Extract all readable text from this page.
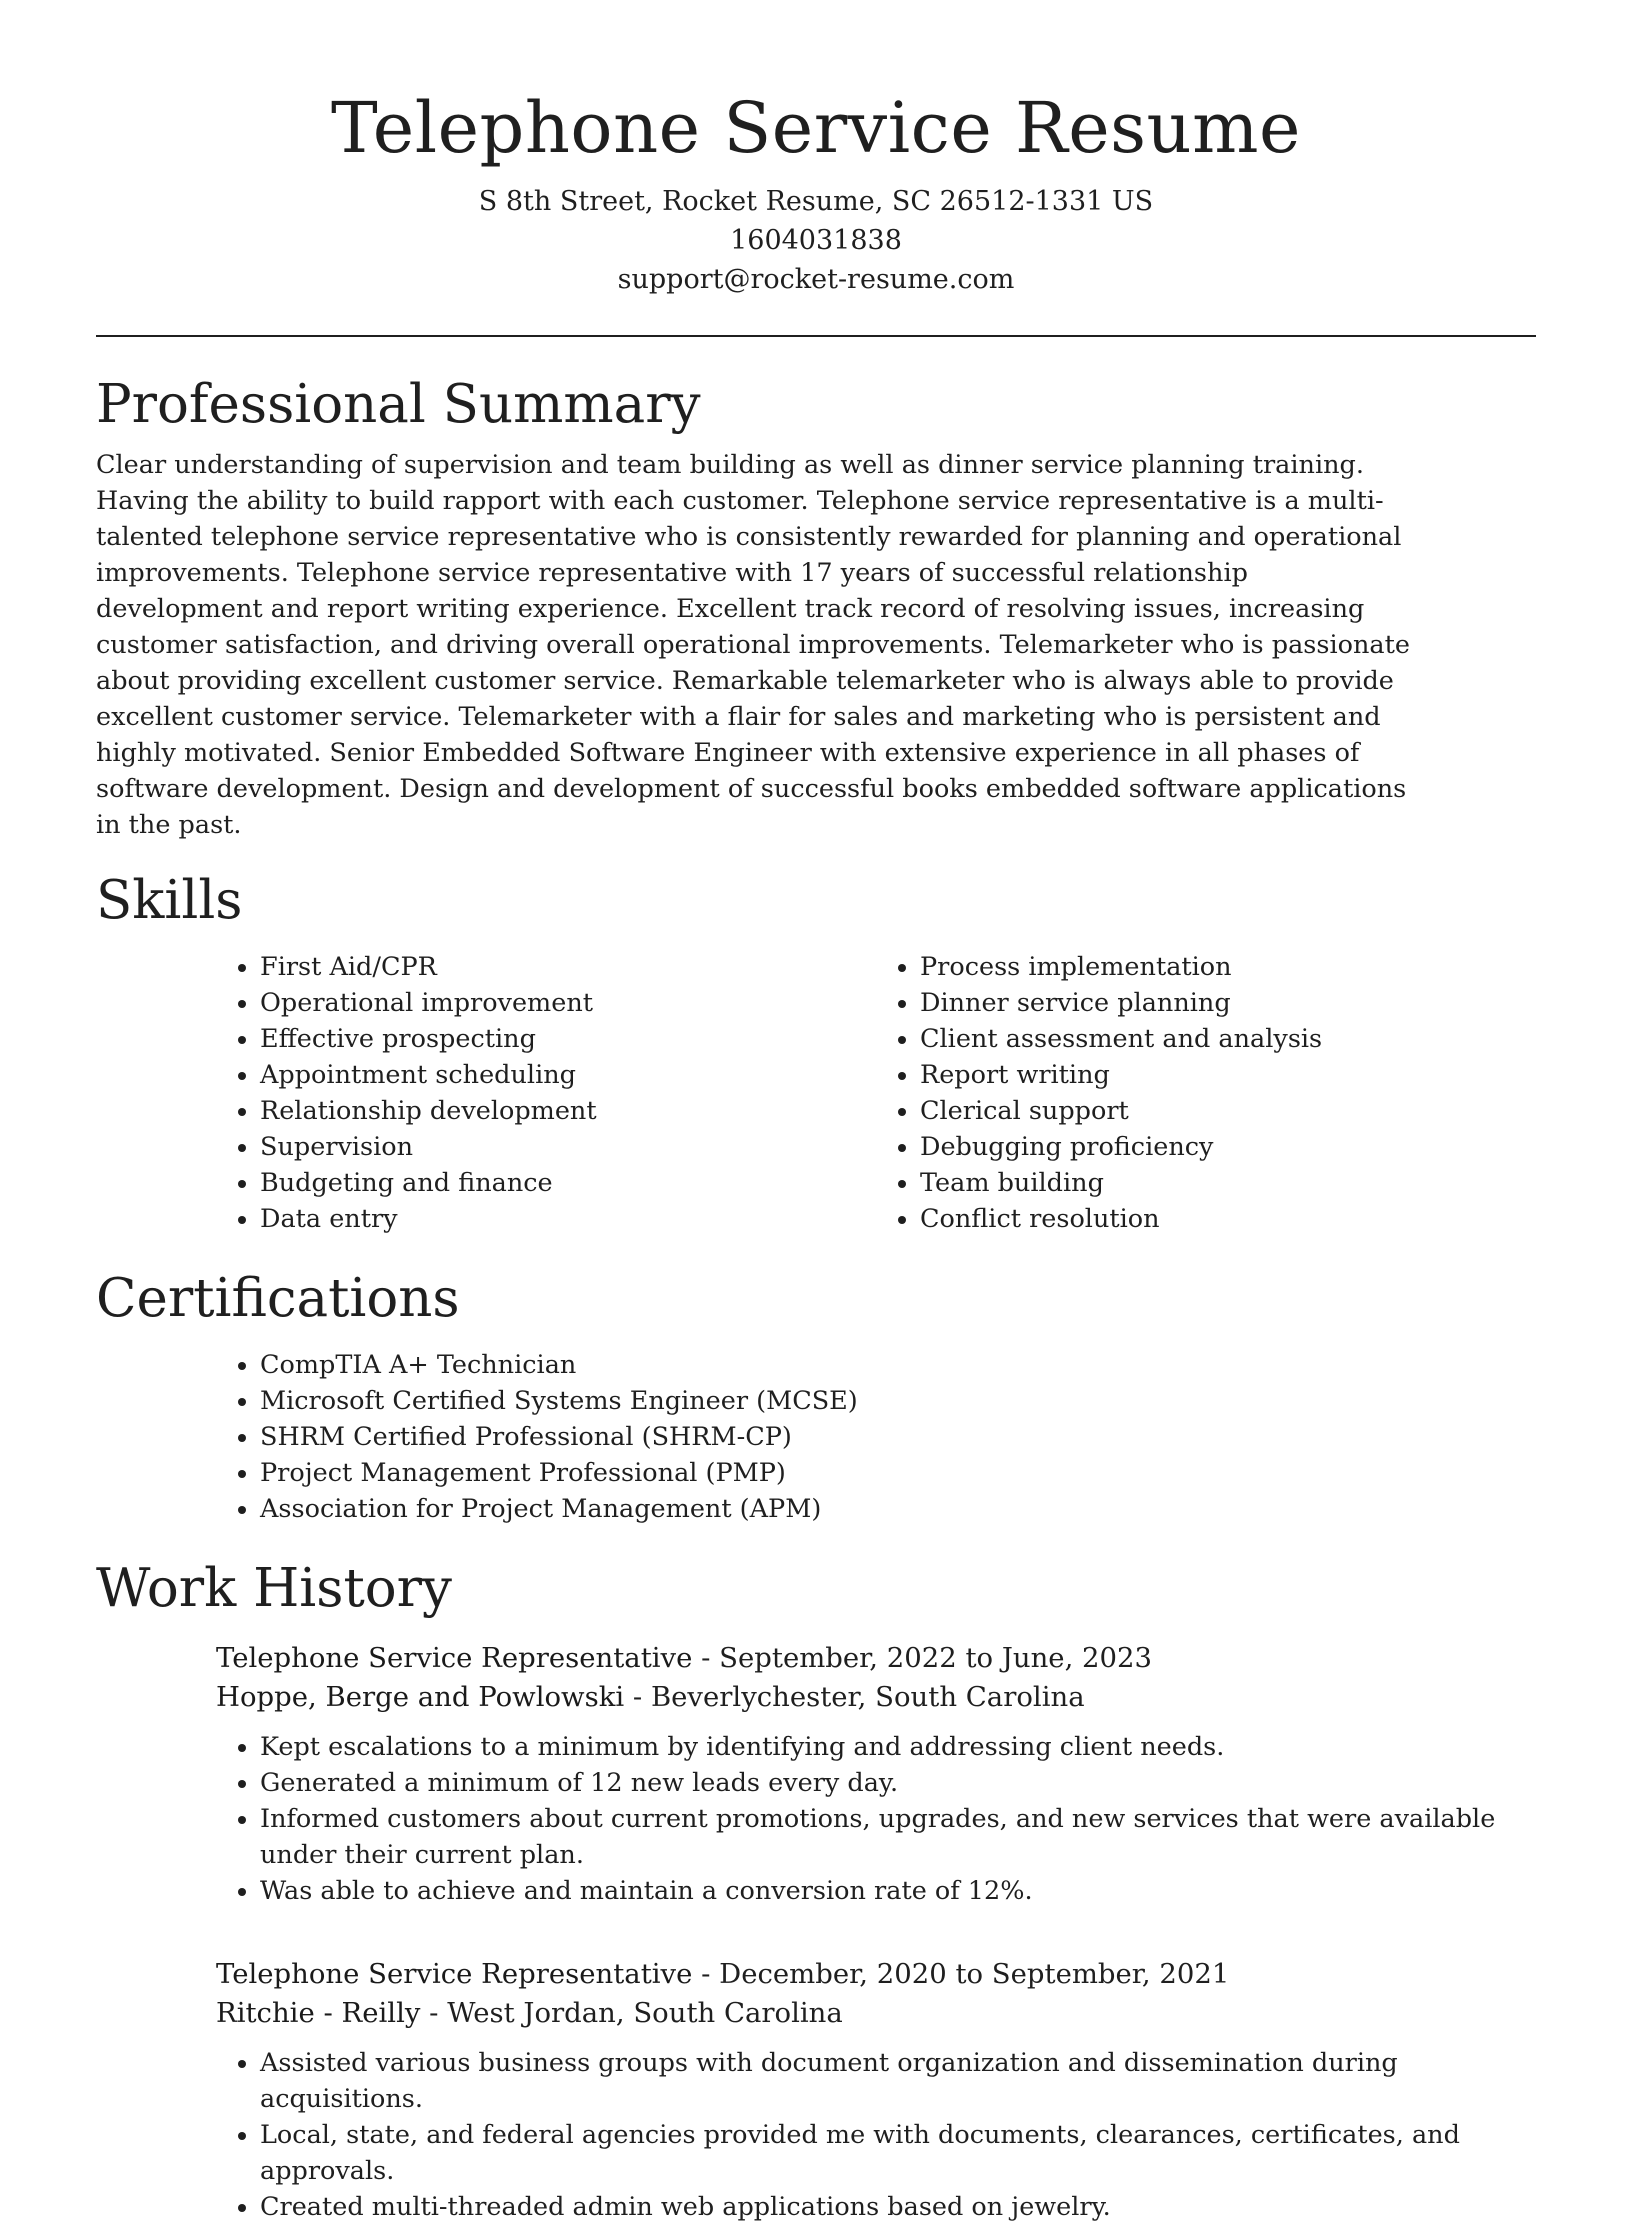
Telephone Service Resume
S 8th Street, Rocket Resume, SC 26512-1331 US
1604031838
support@rocket-resume.com
Professional Summary

Clear understanding of supervision and team building as well as dinner service planning training. Having the ability to build rapport with each customer. Telephone service representative is a multi-talented telephone service representative who is consistently rewarded for planning and operational improvements. Telephone service representative with 17 years of successful relationship development and report writing experience. Excellent track record of resolving issues, increasing customer satisfaction, and driving overall operational improvements. Telemarketer who is passionate about providing excellent customer service. Remarkable telemarketer who is always able to provide excellent customer service. Telemarketer with a flair for sales and marketing who is persistent and highly motivated. Senior Embedded Software Engineer with extensive experience in all phases of software development. Design and development of successful books embedded software applications in the past.

Skills
• First Aid/CPR
• Operational improvement
• Effective prospecting
• Appointment scheduling
• Relationship development
• Supervision
• Budgeting and finance
• Data entry
• Process implementation
• Dinner service planning
• Client assessment and analysis
• Report writing
• Clerical support
• Debugging proficiency
• Team building
• Conflict resolution
Certifications
• CompTIA A+ Technician
• Microsoft Certified Systems Engineer (MCSE)
• SHRM Certified Professional (SHRM-CP)
• Project Management Professional (PMP)
• Association for Project Management (APM)
Work History
Telephone Service Representative - September, 2022 to June, 2023
Hoppe, Berge and Powlowski - Beverlychester, South Carolina
• Kept escalations to a minimum by identifying and addressing client needs.
• Generated a minimum of 12 new leads every day.
• Informed customers about current promotions, upgrades, and new services that were available under their current plan.
• Was able to achieve and maintain a conversion rate of 12%.
Telephone Service Representative - December, 2020 to September, 2021
Ritchie - Reilly - West Jordan, South Carolina
• Assisted various business groups with document organization and dissemination during acquisitions.
• Local, state, and federal agencies provided me with documents, clearances, certificates, and approvals.
• Created multi-threaded admin web applications based on jewelry.
